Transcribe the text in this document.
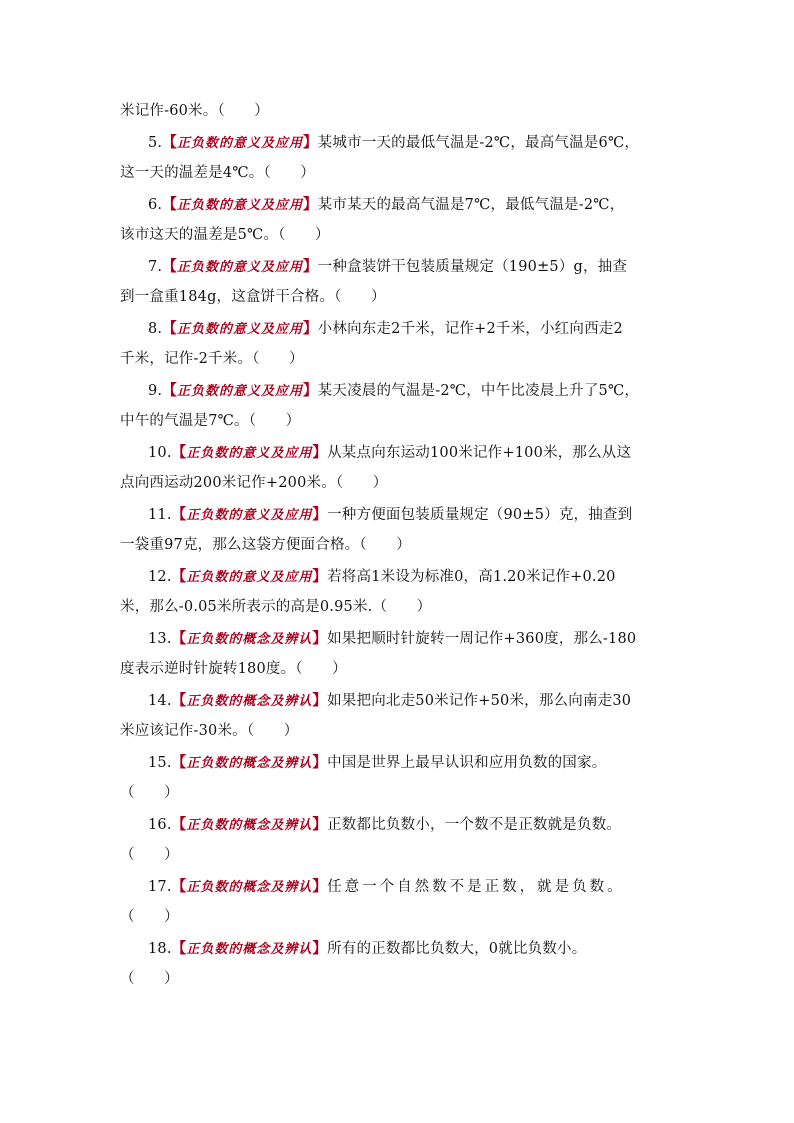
米记作-60米。（　　）
5.【正负数的意义及应用】某城市一天的最低气温是-2℃，最高气温是6℃，
这一天的温差是4℃。（　　）
6.【正负数的意义及应用】某市某天的最高气温是7℃，最低气温是-2℃，
该市这天的温差是5℃。（　　）
7.【正负数的意义及应用】一种盒装饼干包装质量规定（190±5）g，抽查
到一盒重184g，这盒饼干合格。（　　）
8.【正负数的意义及应用】小林向东走2千米，记作+2千米，小红向西走2
千米，记作-2千米。（　　）
9.【正负数的意义及应用】某天凌晨的气温是-2℃，中午比凌晨上升了5℃，
中午的气温是7℃。（　　）
10.【正负数的意义及应用】从某点向东运动100米记作+100米，那么从这
点向西运动200米记作+200米。（　　）
11.【正负数的意义及应用】一种方便面包装质量规定（90±5）克，抽查到
一袋重97克，那么这袋方便面合格。（　　）
12.【正负数的意义及应用】若将高1米设为标准0，高1.20米记作+0.20
米，那么-0.05米所表示的高是0.95米.（　　）
13.【正负数的概念及辨认】如果把顺时针旋转一周记作+360度，那么-180
度表示逆时针旋转180度。（　　）
14.【正负数的概念及辨认】如果把向北走50米记作+50米，那么向南走30
米应该记作-30米。（　　）
15.【正负数的概念及辨认】中国是世界上最早认识和应用负数的国家。
（　　）
16.【正负数的概念及辨认】正数都比负数小，一个数不是正数就是负数。
（　　）
17.【正负数的概念及辨认】任意一个自然数不是正数，就是负数。
（　　）
18.【正负数的概念及辨认】所有的正数都比负数大，0就比负数小。
（　　）
